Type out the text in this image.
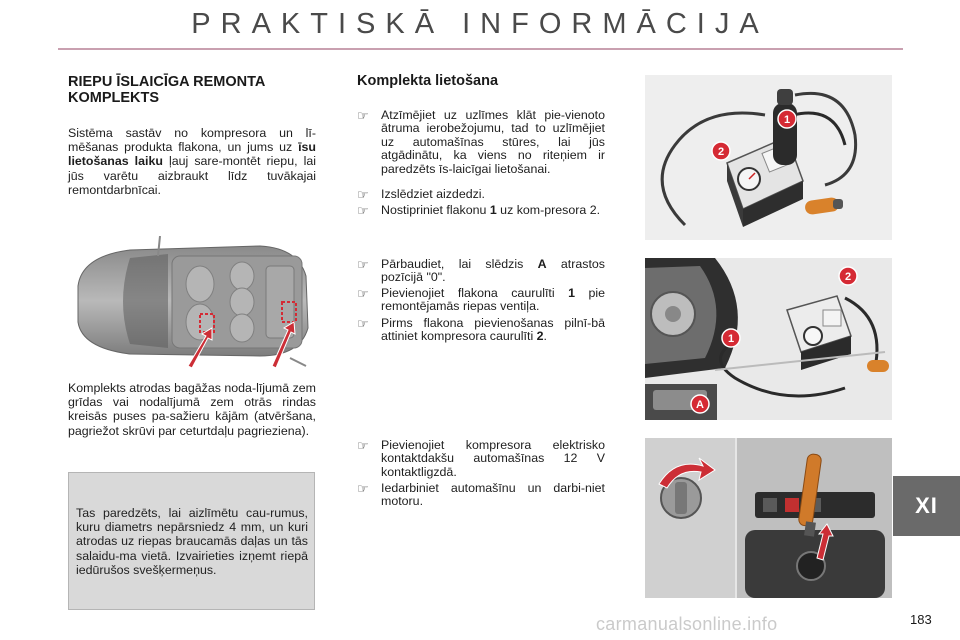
PRAKTISKĀ INFORMĀCIJA
RIEPU ĪSLAICĪGA REMONTA KOMPLEKTS

Sistēma sastāv no kompresora un lī-mēšanas produkta flakona, un jums uz īsu lietošanas laiku ļauj sare-montēt riepu, lai jūs varētu aizbraukt līdz tuvākajai remontdarbnīcai.

Komplekts atrodas bagāžas noda-lījumā zem grīdas vai nodalījumā zem otrās rindas kreisās puses pa-sažieru kājām (atvēršana, pagriežot skrūvi par ceturtdaļu pagrieziena).

Tas paredzēts, lai aizlīmētu cau-rumus, kuru diametrs nepārsniedz 4 mm, un kuri atrodas uz riepas braucamās daļas un tās salaidu-ma vietā. Izvairieties izņemt riepā iedūrušos svešķermeņus.

Komplekta lietošana
☞ Atzīmējiet uz uzlīmes klāt pie-vienoto ātruma ierobežojumu, tad to uzlīmējiet uz automašīnas stūres, lai jūs atgādinātu, ka viens no riteņiem ir paredzēts īs-laicīgai lietošanai.
☞ Izslēdziet aizdedzi.
☞ Nostipriniet flakonu 1 uz kom-presora 2.
☞ Pārbaudiet, lai slēdzis A atrastos pozīcijā "0".
☞ Pievienojiet flakona caurulīti 1 pie remontējamās riepas ventiļa.
☞ Pirms flakona pievienošanas pilnī-bā attiniet kompresora caurulīti 2.
☞ Pievienojiet kompresora elektrisko kontaktdakšu automašīnas 12 V kontaktligzdā.
☞ Iedarbiniet automašīnu un darbi-niet motoru.
1
2
2
1
A
XI
carmanualsonline.info	183
